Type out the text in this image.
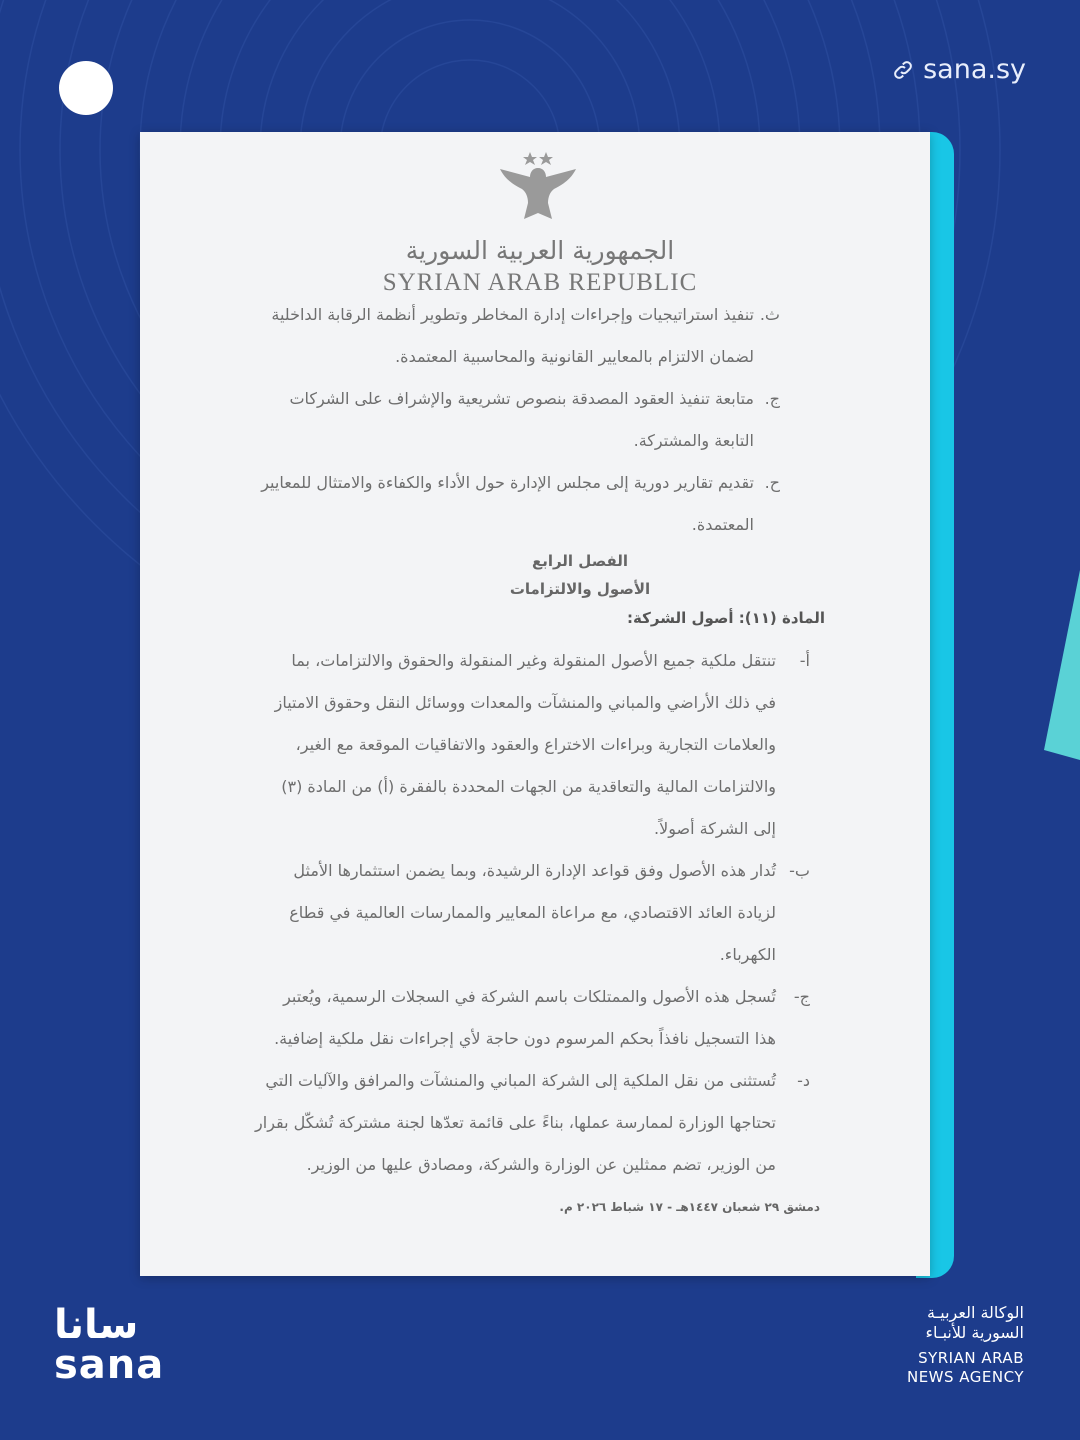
sana.sy
الجمهورية العربية السورية
SYRIAN ARAB REPUBLIC
ث.
تنفيذ استراتيجيات وإجراءات إدارة المخاطر وتطوير أنظمة الرقابة الداخلية
لضمان الالتزام بالمعايير القانونية والمحاسبية المعتمدة.
ج.
متابعة تنفيذ العقود المصدقة بنصوص تشريعية والإشراف على الشركات
التابعة والمشتركة.
ح.
تقديم تقارير دورية إلى مجلس الإدارة حول الأداء والكفاءة والامتثال للمعايير
المعتمدة.
الفصل الرابع
الأصول والالتزامات
المادة (١١): أصول الشركة:
أ-
تنتقل ملكية جميع الأصول المنقولة وغير المنقولة والحقوق والالتزامات، بما
في ذلك الأراضي والمباني والمنشآت والمعدات ووسائل النقل وحقوق الامتياز
والعلامات التجارية وبراءات الاختراع والعقود والاتفاقيات الموقعة مع الغير،
والالتزامات المالية والتعاقدية من الجهات المحددة بالفقرة (أ) من المادة (٣)
إلى الشركة أصولاً.
ب-
تُدار هذه الأصول وفق قواعد الإدارة الرشيدة، وبما يضمن استثمارها الأمثل
لزيادة العائد الاقتصادي، مع مراعاة المعايير والممارسات العالمية في قطاع
الكهرباء.
ج-
تُسجل هذه الأصول والممتلكات باسم الشركة في السجلات الرسمية، ويُعتبر
هذا التسجيل نافذاً بحكم المرسوم دون حاجة لأي إجراءات نقل ملكية إضافية.
د-
تُستثنى من نقل الملكية إلى الشركة المباني والمنشآت والمرافق والآليات التي
تحتاجها الوزارة لممارسة عملها، بناءً على قائمة تعدّها لجنة مشتركة تُشكّل بقرار
من الوزير، تضم ممثلين عن الوزارة والشركة، ومصادق عليها من الوزير.
دمشق ٢٩ شعبان ١٤٤٧هـ - ١٧ شباط ٢٠٢٦ م.
سانا
sana
الوكالة العربيـة
السورية للأنبـاء
SYRIAN ARAB
NEWS AGENCY
